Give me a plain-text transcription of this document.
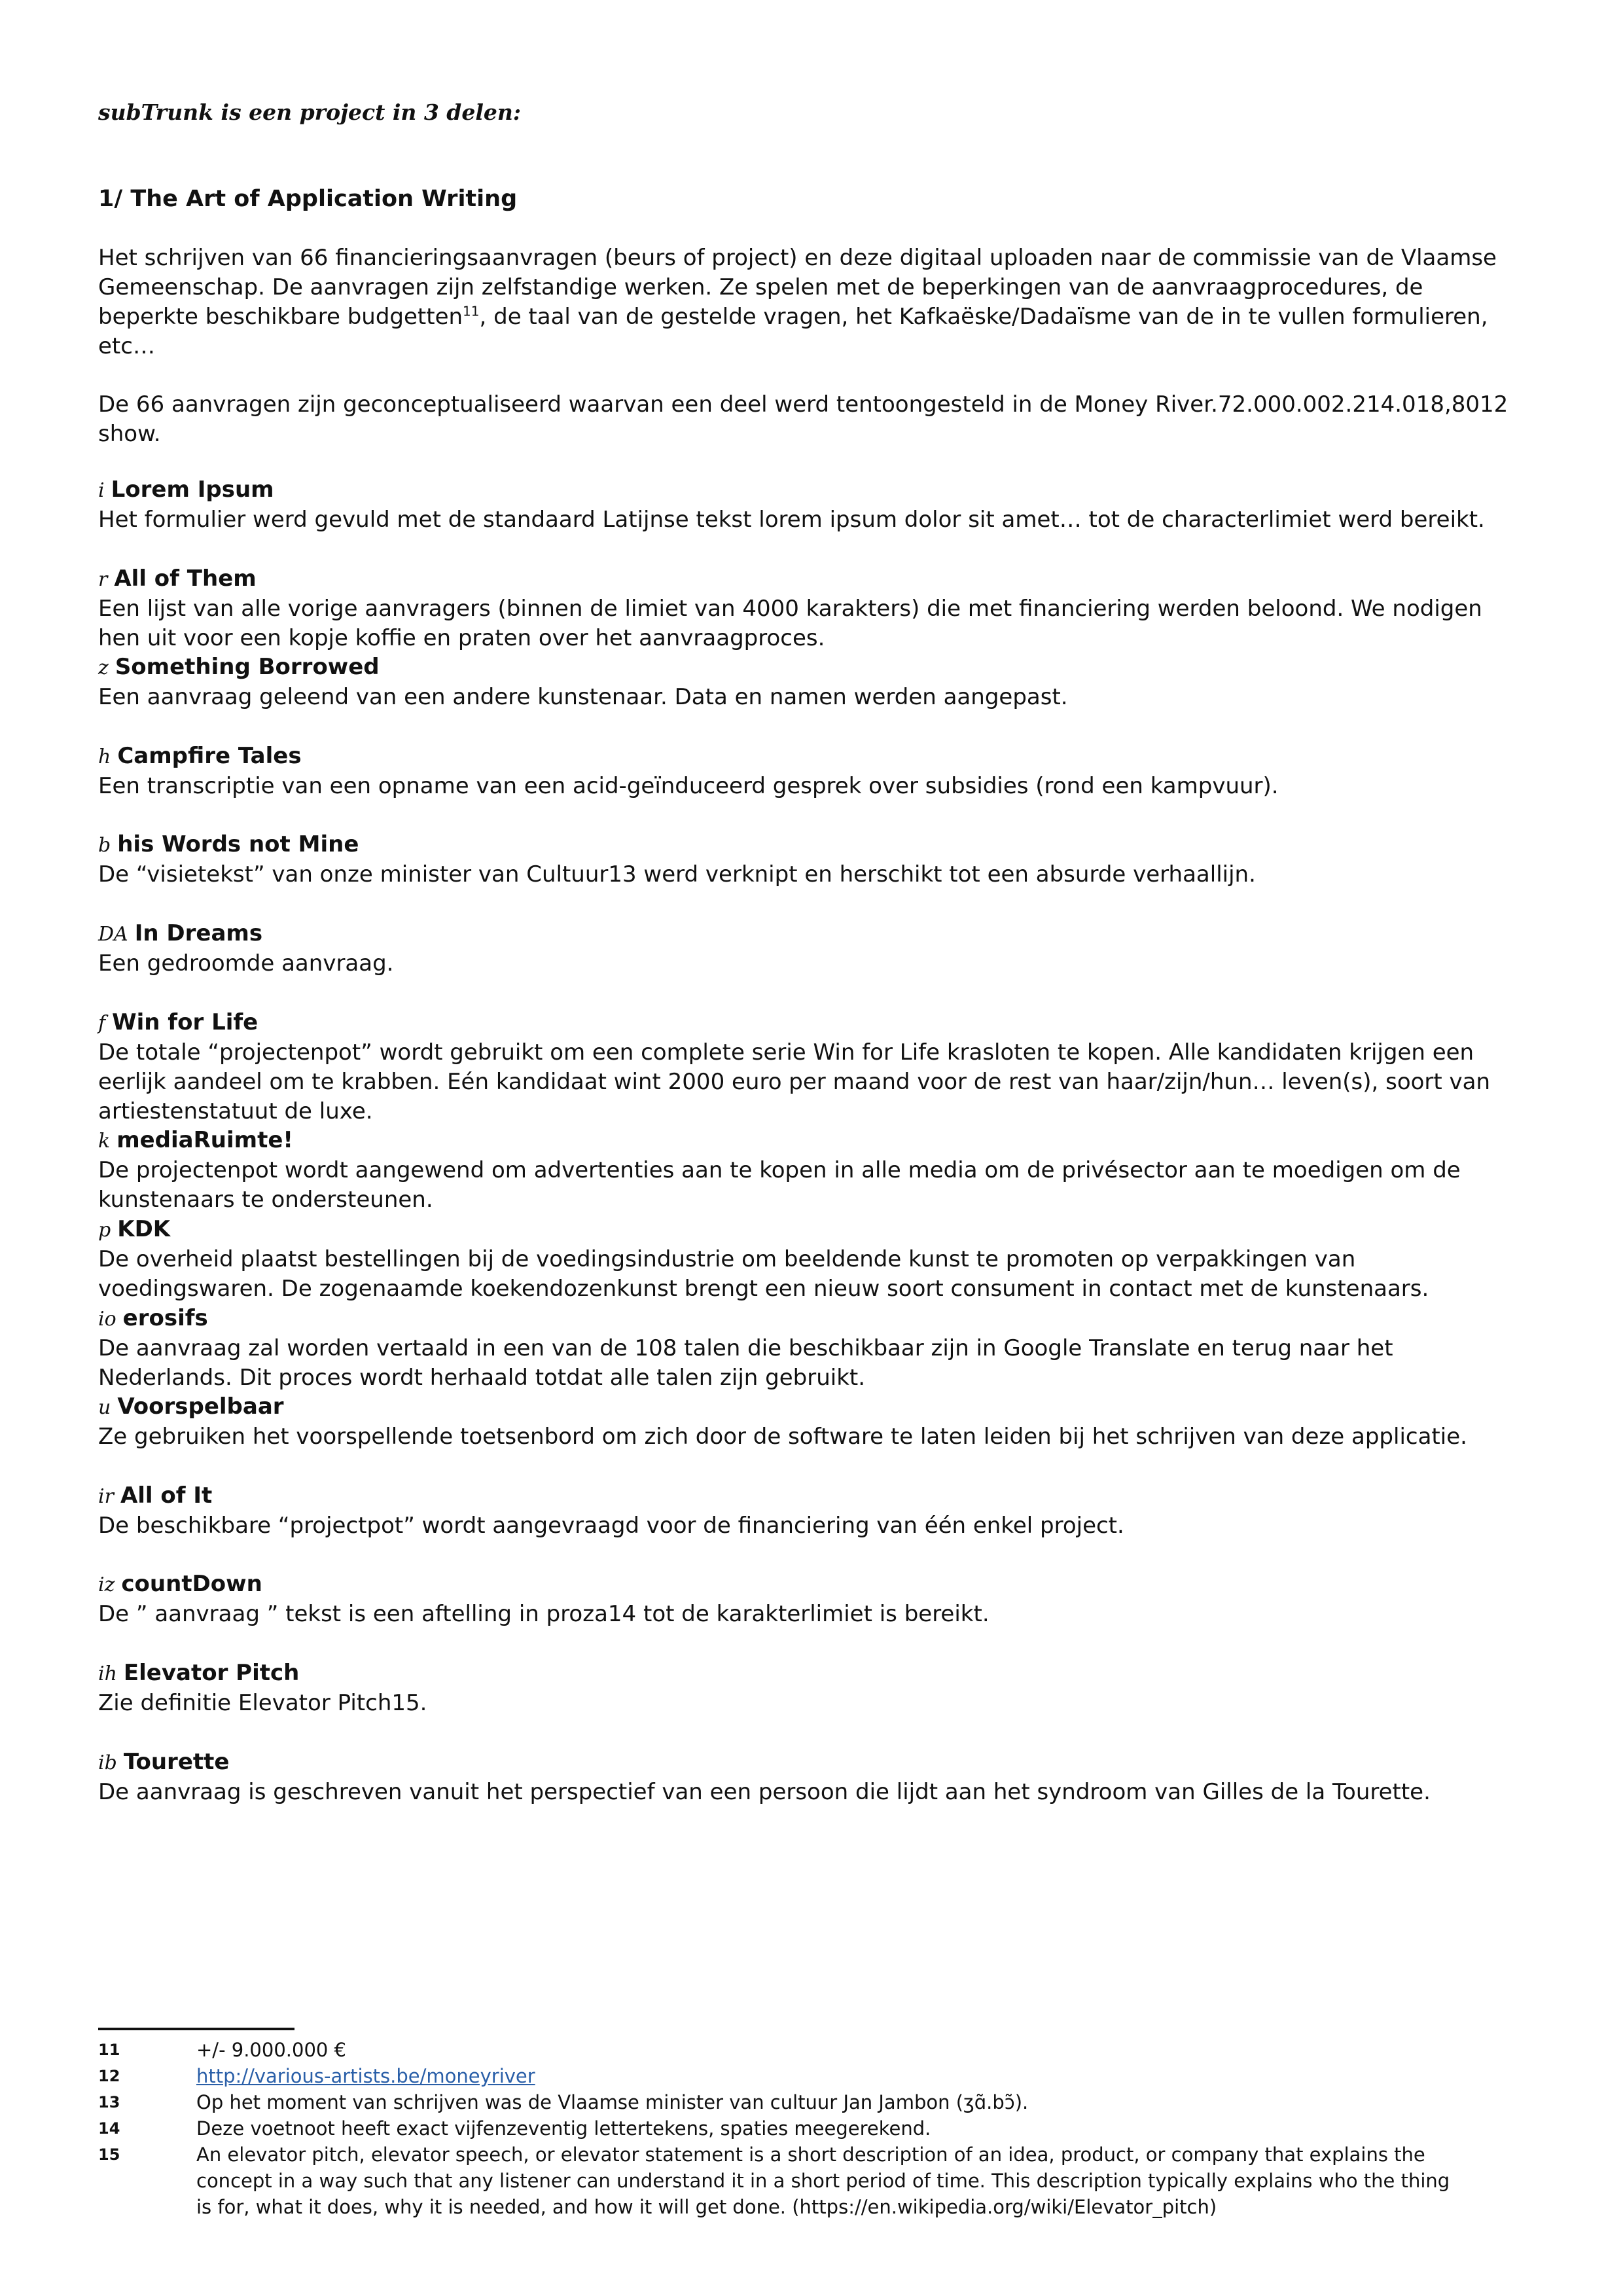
subTrunk is een project in 3 delen:
1/ The Art of Application Writing
Het schrijven van 66 financieringsaanvragen (beurs of project) en deze digitaal uploaden naar de commissie van de Vlaamse
Gemeenschap. De aanvragen zijn zelfstandige werken. Ze spelen met de beperkingen van de aanvraagprocedures, de
beperkte beschikbare budgetten$^{11}$, de taal van de gestelde vragen, het Kafkaëske/Dadaïsme van de in te vullen formulieren,
etc…
De 66 aanvragen zijn geconceptualiseerd waarvan een deel werd tentoongesteld in de Money River.72.000.002.214.018,8012
show.
i Lorem Ipsum
Het formulier werd gevuld met de standaard Latijnse tekst lorem ipsum dolor sit amet… tot de characterlimiet werd bereikt.
r All of Them
Een lijst van alle vorige aanvragers (binnen de limiet van 4000 karakters) die met financiering werden beloond. We nodigen
hen uit voor een kopje koffie en praten over het aanvraagproces.
z Something Borrowed
Een aanvraag geleend van een andere kunstenaar. Data en namen werden aangepast.
h Campfire Tales
Een transcriptie van een opname van een acid-geïnduceerd gesprek over subsidies (rond een kampvuur).
b his Words not Mine
De “visietekst” van onze minister van Cultuur13 werd verknipt en herschikt tot een absurde verhaallijn.
DA In Dreams
Een gedroomde aanvraag.
f Win for Life
De totale “projectenpot” wordt gebruikt om een complete serie Win for Life krasloten te kopen. Alle kandidaten krijgen een
eerlijk aandeel om te krabben. Eén kandidaat wint 2000 euro per maand voor de rest van haar/zijn/hun… leven(s), soort van
artiestenstatuut de luxe.
k mediaRuimte!
De projectenpot wordt aangewend om advertenties aan te kopen in alle media om de privésector aan te moedigen om de
kunstenaars te ondersteunen.
p KDK
De overheid plaatst bestellingen bij de voedingsindustrie om beeldende kunst te promoten op verpakkingen van
voedingswaren. De zogenaamde koekendozenkunst brengt een nieuw soort consument in contact met de kunstenaars.
io erosifs
De aanvraag zal worden vertaald in een van de 108 talen die beschikbaar zijn in Google Translate en terug naar het
Nederlands. Dit proces wordt herhaald totdat alle talen zijn gebruikt.
u Voorspelbaar
Ze gebruiken het voorspellende toetsenbord om zich door de software te laten leiden bij het schrijven van deze applicatie.
ir All of It
De beschikbare “projectpot” wordt aangevraagd voor de financiering van één enkel project.
iz countDown
De ” aanvraag ” tekst is een aftelling in proza14 tot de karakterlimiet is bereikt.
ih Elevator Pitch
Zie definitie Elevator Pitch15.
ib Tourette
De aanvraag is geschreven vanuit het perspectief van een persoon die lijdt aan het syndroom van Gilles de la Tourette.
11	+/- 9.000.000 €
12	http://various-artists.be/moneyriver
13	Op het moment van schrijven was de Vlaamse minister van cultuur Jan Jambon (ʒɑ̃.bɔ̃).
14	Deze voetnoot heeft exact vijfenzeventig lettertekens, spaties meegerekend.
15	An elevator pitch, elevator speech, or elevator statement is a short description of an idea, product, or company that explains the
concept in a way such that any listener can understand it in a short period of time. This description typically explains who the thing
is for, what it does, why it is needed, and how it will get done. (https://en.wikipedia.org/wiki/Elevator_pitch)
